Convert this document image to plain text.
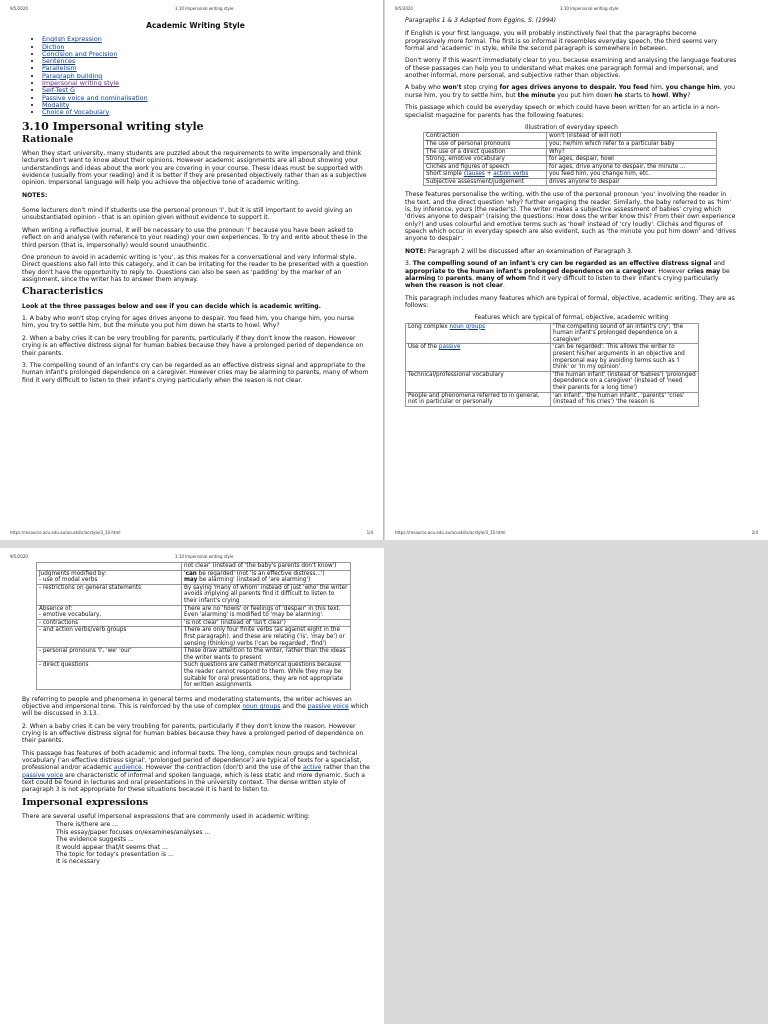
9/5/2020	3.10 Impersonal writing style
Academic Writing Style
• English Expression
• Diction
• Concision and Precision
• Sentences
• Parallelism
• Paragraph building
• Impersonal writing style
• Self-Test G
• Passive voice and nominalisation
• Modality
• Choice of Vocabulary
3.10 Impersonal writing style
Rationale

When they start university, many students are puzzled about the requirements to write impersonally and think lecturers don't want to know about their opinions. However academic assignments are all about showing your understandings and ideas about the work you are covering in your course. These ideas must be supported with evidence (usually from your reading) and it is better if they are presented objectively rather than as a subjective opinion. Impersonal language will help you achieve the objective tone of academic writing.

NOTES:

Some lecturers don't mind if students use the personal pronoun 'I', but it is still important to avoid giving an unsubstantiated opinion - that is an opinion given without evidence to support it.

When writing a reflective journal, it will be necessary to use the pronoun 'I' because you have been asked to reflect on and analyse (with reference to your reading) your own experiences. To try and write about these in the third person (that is, impersonally) would sound unauthentic.

One pronoun to avoid in academic writing is 'you', as this makes for a conversational and very informal style. Direct questions also fall into this category, and it can be irritating for the reader to be presented with a question they don't have the opportunity to reply to. Questions can also be seen as 'padding' by the marker of an assignment, since the writer has to answer them anyway.

Characteristics

Look at the three passages below and see if you can decide which is academic writing.

1. A baby who won't stop crying for ages drives anyone to despair. You feed him, you change him, you nurse him, you try to settle him, but the minute you put him down he starts to howl. Why?

2. When a baby cries it can be very troubling for parents, particularly if they don't know the reason. However crying is an effective distress signal for human babies because they have a prolonged period of dependence on their parents.

3. The compelling sound of an infant's cry can be regarded as an effective distress signal and appropriate to the human infant's prolonged dependence on a caregiver. However cries may be alarming to parents, many of whom find it very difficult to listen to their infant's crying particularly when the reason is not clear.

https://resource.acu.edu.au/acuskills/acstyle/3_10.html	1/4
9/5/2020	3.10 Impersonal writing style

Paragraphs 1 & 3 Adapted from Eggins, S. (1994)

If English is your first language, you will probably instinctively feel that the paragraphs become progressively more formal. The first is so informal it resembles everyday speech, the third seems very formal and 'academic' in style, while the second paragraph is somewhere in between.

Don't worry if this wasn't immediately clear to you, because examining and analysing the language features of these passages can help you to understand what makes one paragraph formal and impersonal, and another informal, more personal, and subjective rather than objective.

A baby who won't stop crying for ages drives anyone to despair. You feed him, you change him, you nurse him, you try to settle him, but the minute you put him down he starts to howl. Why?

This passage which could be everyday speech or which could have been written for an article in a non-specialist magazine for parents has the following features:

Illustration of everyday speech
Contraction	won't (instead of will not)
The use of personal pronouns	you; he/him which refer to a particular baby
The use of a direct question	Why?
Strong, emotive vocabulary	for ages, despair, howl
Clichés and figures of speech	for ages, drive anyone to despair, the minute ...
Short simple clauses + action verbs	you feed him, you change him, etc.
Subjective assessment/judgement	drives anyone to despair

These features personalise the writing, with the use of the personal pronoun 'you' involving the reader in the text, and the direct question 'why? further engaging the reader. Similarly, the baby referred to as 'him' is, by inference, yours (the reader's). The writer makes a subjective assessment of babies' crying which 'drives anyone to despair' (raising the questions: How does the writer know this? From their own experience only?) and uses colourful and emotive terms such as 'howl' instead of 'cry loudly'. Clichés and figures of speech which occur in everyday speech are also evident, such as 'the minute you put him down' and 'drives anyone to despair'.

NOTE: Paragraph 2 will be discussed after an examination of Paragraph 3.

3. The compelling sound of an infant's cry can be regarded as an effective distress signal and appropriate to the human infant's prolonged dependence on a caregiver. However cries may be alarming to parents, many of whom find it very difficult to listen to their infant's crying particularly when the reason is not clear.

This paragraph includes many features which are typical of formal, objective, academic writing. They are as follows:

Features which are typical of formal, objective, academic writing
Long complex noun groups	'The compelling sound of an infant's cry'; 'the human infant's prolonged dependence on a caregiver'
Use of the passive	'can be regarded'. This allows the writer to present his/her arguments in an objective and impersonal way by avoiding terms such as 'I think' or 'In my opinion'.
Technical/professional vocabulary	'the human infant' (instead of 'babies') 'prolonged dependence on a caregiver' (instead of 'need their parents for a long time')
People and phenomena referred to in general, not in particular or personally	'an infant', 'the human infant', 'parents' 'cries' (instead of 'his cries') 'the reason is
https://resource.acu.edu.au/acuskills/acstyle/3_10.html	2/4
9/5/2020	3.10 Impersonal writing style
	not clear' (instead of 'the baby's parents don't know')
Judgments modified by:
- use of modal verbs	'can be regarded' (not 'is an effective distress...')
may be alarming' (instead of 'are alarming')
- restrictions on general statements	By saying 'many of whom' instead of just 'who' the writer avoids implying all parents find it difficult to listen to their infant's crying
Absence of:
- emotive vocabulary,	There are no 'howls' or feelings of 'despair' in this text. Even 'alarming' is modified to 'may be alarming'.
- contractions	'is not clear' (instead of 'isn't clear')
- and action verbs/verb groups	There are only four finite verbs (as against eight in the first paragraph). and these are relating ('is', 'may be') or sensing (thinking) verbs ('can be regarded', 'find')
- personal pronouns 'I', 'we' 'our'	These draw attention to the writer, rather than the ideas the writer wants to present
- direct questions	Such questions are called rhetorical questions because the reader cannot respond to them. While they may be suitable for oral presentations, they are not appropriate for written assignments

By referring to people and phenomena in general terms and moderating statements, the writer achieves an objective and impersonal tone. This is reinforced by the use of complex noun groups and the passive voice which will be discussed in 3.13.

2. When a baby cries it can be very troubling for parents, particularly if they don't know the reason. However crying is an effective distress signal for human babies because they have a prolonged period of dependence on their parents.

This passage has features of both academic and informal texts. The long, complex noun groups and technical vocabulary ('an effective distress signal', 'prolonged period of dependence') are typical of texts for a specialist, professional and/or academic audience. However the contraction (don't) and the use of the active rather than the passive voice are characteristic of informal and spoken language, which is less static and more dynamic. Such a text could be found in lectures and oral presentations in the university context. The dense written style of paragraph 3 is not appropriate for these situations because it is hard to listen to.

Impersonal expressions

There are several useful impersonal expressions that are commonly used in academic writing:

There is/there are ...
This essay/paper focuses on/examines/analyses ...
The evidence suggests ...
It would appear that/it seems that ...
The topic for today's presentation is ...
It is necessary
